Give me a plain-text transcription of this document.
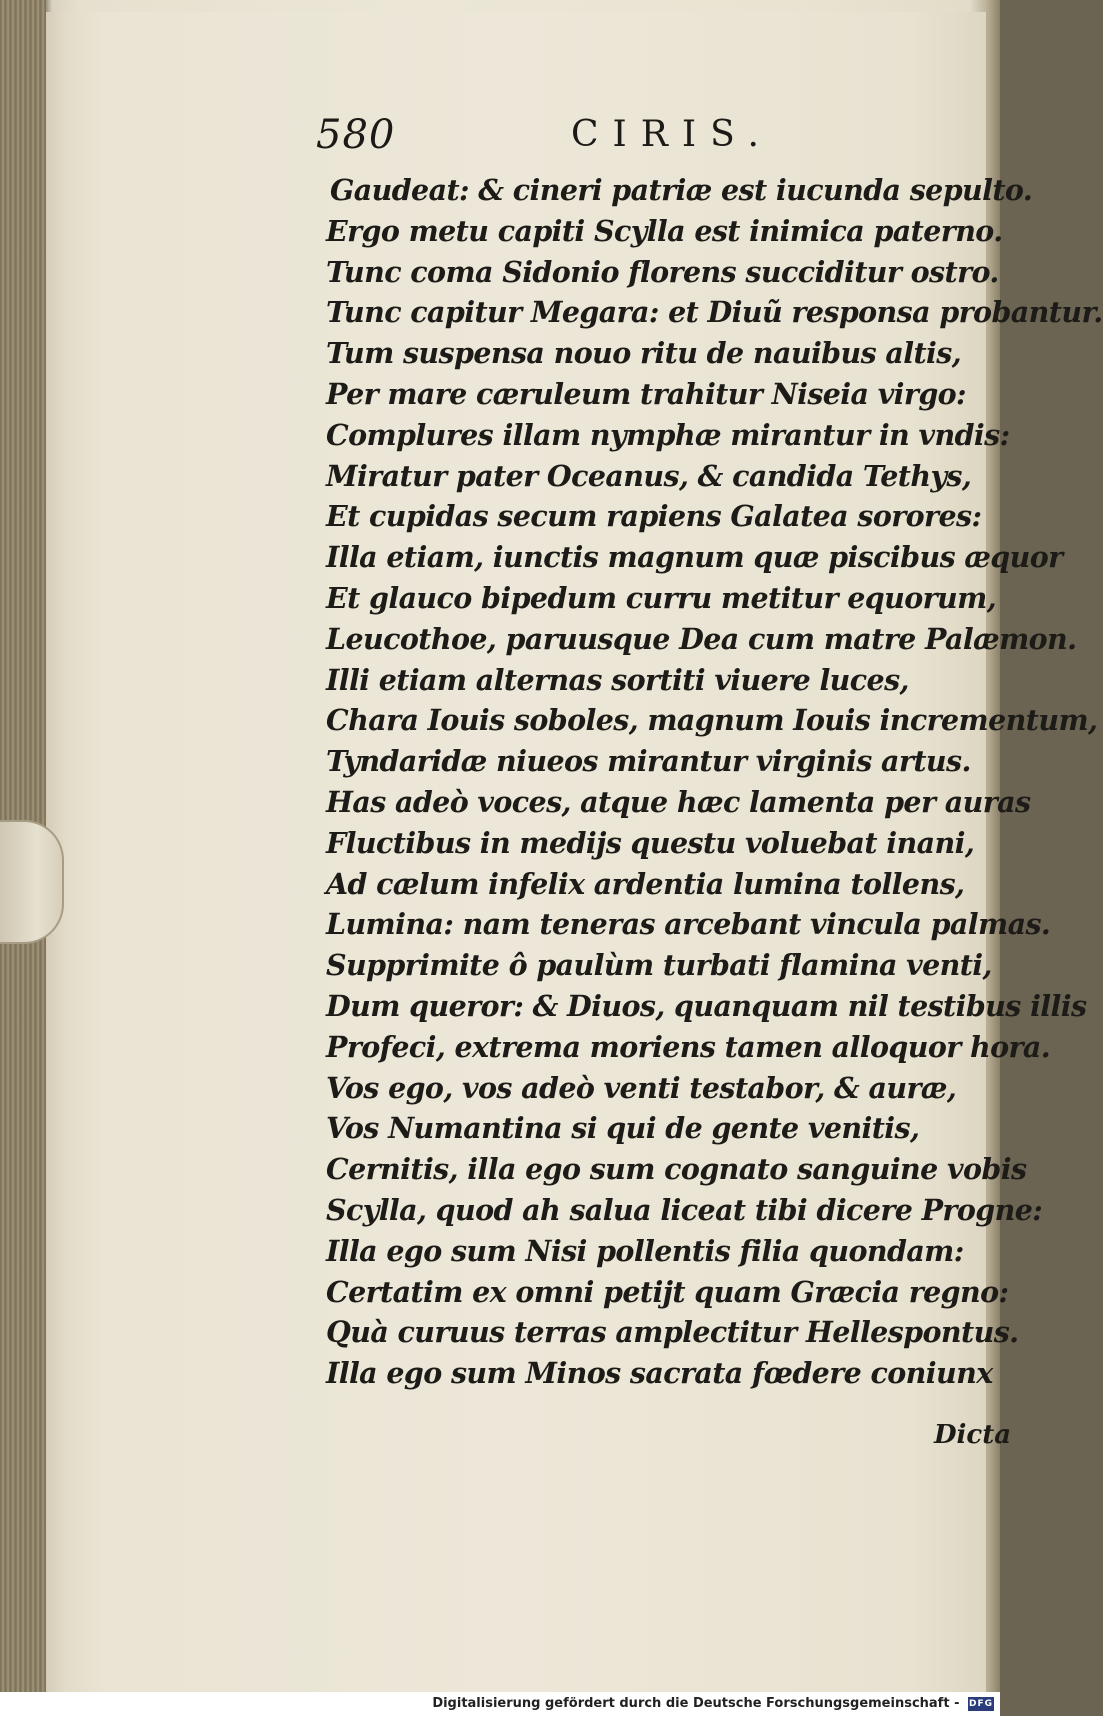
580	CIRIS.
Gaudeat: & cineri patriæ est iucunda sepulto.
Ergo metu capiti Scylla est inimica paterno.
Tunc coma Sidonio florens succiditur ostro.
Tunc capitur Megara: et Diuũ responsa probantur.
Tum suspensa nouo ritu de nauibus altis,
Per mare cæruleum trahitur Niseia virgo:
Complures illam nymphæ mirantur in vndis:
Miratur pater Oceanus, & candida Tethys,
Et cupidas secum rapiens Galatea sorores:
Illa etiam, iunctis magnum quæ piscibus æquor
Et glauco bipedum curru metitur equorum,
Leucothoe, paruusque Dea cum matre Palæmon.
Illi etiam alternas sortiti viuere luces,
Chara Iouis soboles, magnum Iouis incrementum,
Tyndaridæ niueos mirantur virginis artus.
Has adeò voces, atque hæc lamenta per auras
Fluctibus in medijs questu voluebat inani,
Ad cælum infelix ardentia lumina tollens,
Lumina: nam teneras arcebant vincula palmas.
Supprimite ô paulùm turbati flamina venti,
Dum queror: & Diuos, quanquam nil testibus illis
Profeci, extrema moriens tamen alloquor hora.
Vos ego, vos adeò venti testabor, & auræ,
Vos Numantina si qui de gente venitis,
Cernitis, illa ego sum cognato sanguine vobis
Scylla, quod ah salua liceat tibi dicere Progne:
Illa ego sum Nisi pollentis filia quondam:
Certatim ex omni petijt quam Græcia regno:
Quà curuus terras amplectitur Hellespontus.
Illa ego sum Minos sacrata fœdere coniunx
Dicta
Digitalisierung gefördert durch die Deutsche Forschungsgemeinschaft - DFG
